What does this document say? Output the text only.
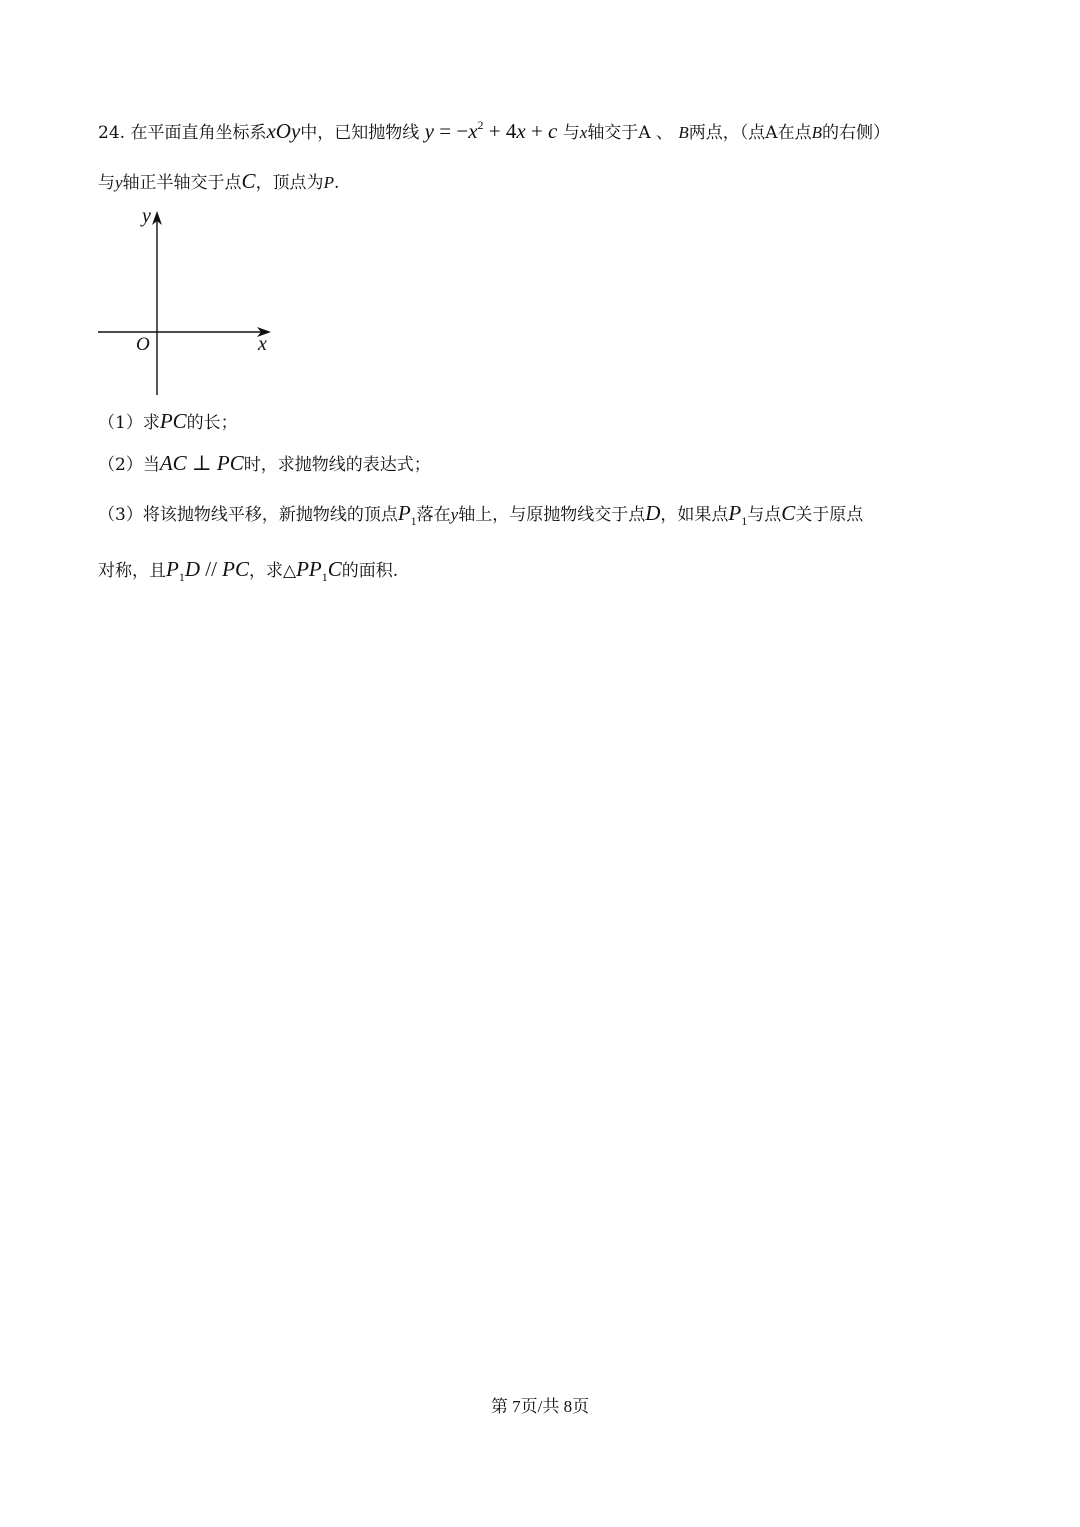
24. 在平面直角坐标系xOy中，已知抛物线 $y = -x^2 + 4x + c$ 与x轴交于A 、 B两点，（点A在点B的右侧）
与y轴正半轴交于点C，顶点为P.
y
x
O
（1）求PC的长；
（2）当AC ⊥ PC时，求抛物线的表达式；
（3）将该抛物线平移，新抛物线的顶点$P_1$落在y轴上，与原抛物线交于点D，如果点$P_1$与点C关于原点
对称，且$P_1D$ // PC，求$\triangle PP_1C$的面积.
第 7页/共 8页
